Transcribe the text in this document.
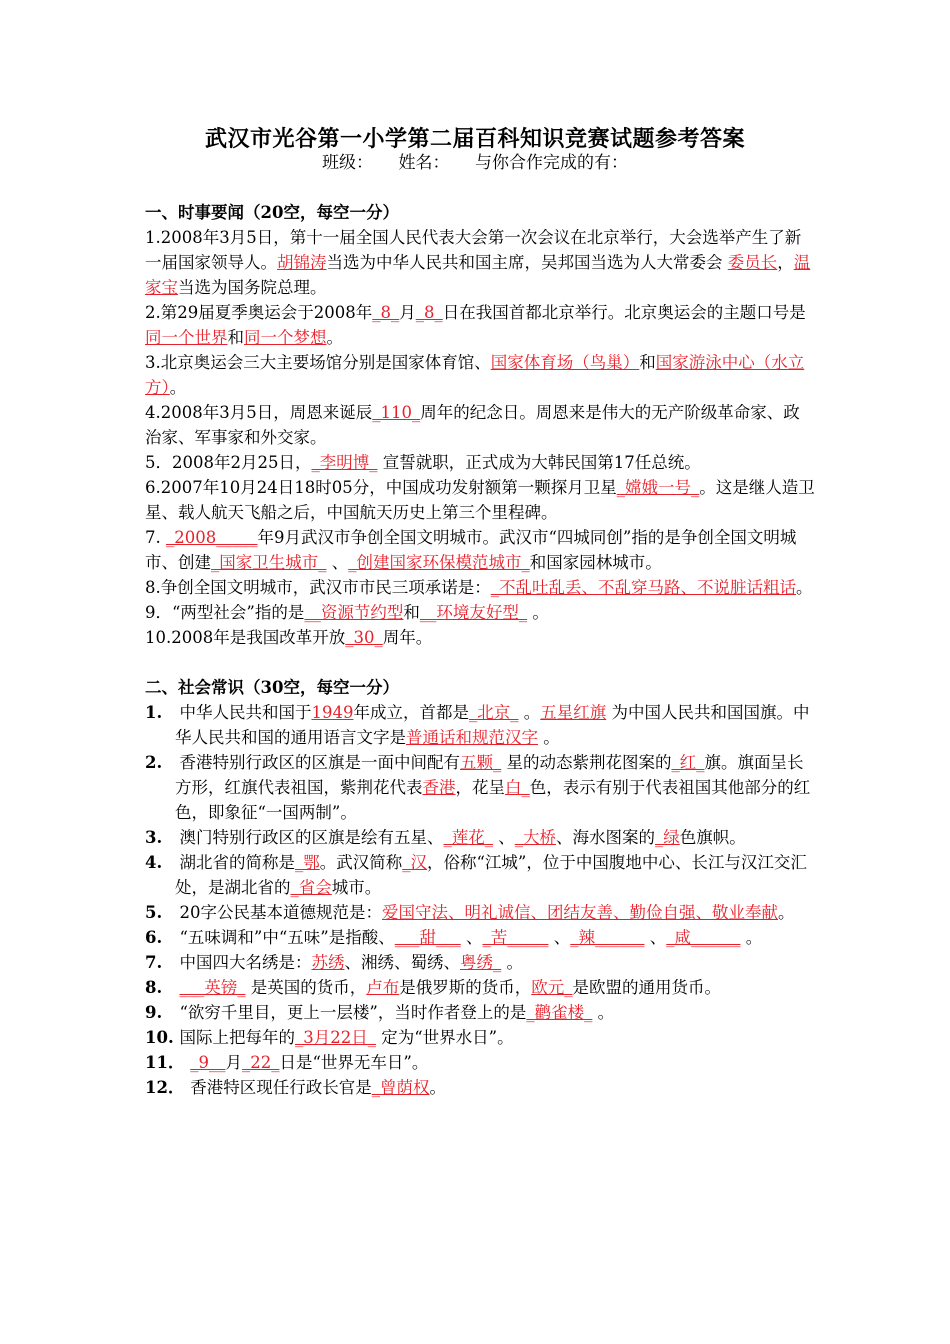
武汉市光谷第一小学第二届百科知识竞赛试题参考答案
班级：　　姓名：　　与你合作完成的有：
一、时事要闻（20空，每空一分）
1.2008年3月5日，第十一届全国人民代表大会第一次会议在北京举行，大会选举产生了新一届国家领导人。胡锦涛当选为中华人民共和国主席，吴邦国当选为人大常委会 委员长，温家宝当选为国务院总理。
2.第29届夏季奥运会于2008年_8_月_8_日在我国首都北京举行。北京奥运会的主题口号是同一个世界和同一个梦想。
3.北京奥运会三大主要场馆分别是国家体育馆、国家体育场（鸟巢）和国家游泳中心（水立方）。
4.2008年3月5日，周恩来诞辰_110_周年的纪念日。周恩来是伟大的无产阶级革命家、政治家、军事家和外交家。
5．2008年2月25日，_李明博_ 宣誓就职，正式成为大韩民国第17任总统。
6.2007年10月24日18时05分，中国成功发射额第一颗探月卫星_嫦娥一号_。这是继人造卫星、载人航天飞船之后，中国航天历史上第三个里程碑。
7. _2008_____年9月武汉市争创全国文明城市。武汉市“四城同创”指的是争创全国文明城市、创建_国家卫生城市_ 、_创建国家环保模范城市_和国家园林城市。
8.争创全国文明城市，武汉市市民三项承诺是：_不乱吐乱丢、不乱穿马路、不说脏话粗话。
9．“两型社会”指的是__资源节约型和__环境友好型_ 。
10.2008年是我国改革开放_30_周年。
二、社会常识（30空，每空一分）
1.   中华人民共和国于1949年成立，首都是_北京_ 。五星红旗 为中国人民共和国国旗。中华人民共和国的通用语言文字是普通话和规范汉字 。
2.   香港特别行政区的区旗是一面中间配有五颗_ 星的动态紫荆花图案的_红_旗。旗面呈长方形，红旗代表祖国，紫荆花代表香港，花呈白_色，表示有别于代表祖国其他部分的红色，即象征“一国两制”。
3.   澳门特别行政区的区旗是绘有五星、_莲花_ 、_大桥、海水图案的_绿色旗帜。
4.   湖北省的简称是_鄂。武汉简称_汉，俗称“江城”，位于中国腹地中心、长江与汉江交汇处，是湖北省的_省会城市。
5.   20字公民基本道德规范是：爱国守法、明礼诚信、团结友善、勤俭自强、敬业奉献。
6.   “五味调和”中“五味”是指酸、___甜___ 、_苦_____ 、_辣______ 、_咸______ 。
7.   中国四大名绣是：苏绣、湘绣、蜀绣、粤绣_ 。
8.   ___英镑_ 是英国的货币，卢布是俄罗斯的货币，欧元_是欧盟的通用货币。
9.   “欲穷千里目，更上一层楼”，当时作者登上的是_鹳雀楼_ 。
10. 国际上把每年的_3月22日_ 定为“世界水日”。
11． _9__月_22_日是“世界无车日”。
12． 香港特区现任行政长官是_曾荫权。
